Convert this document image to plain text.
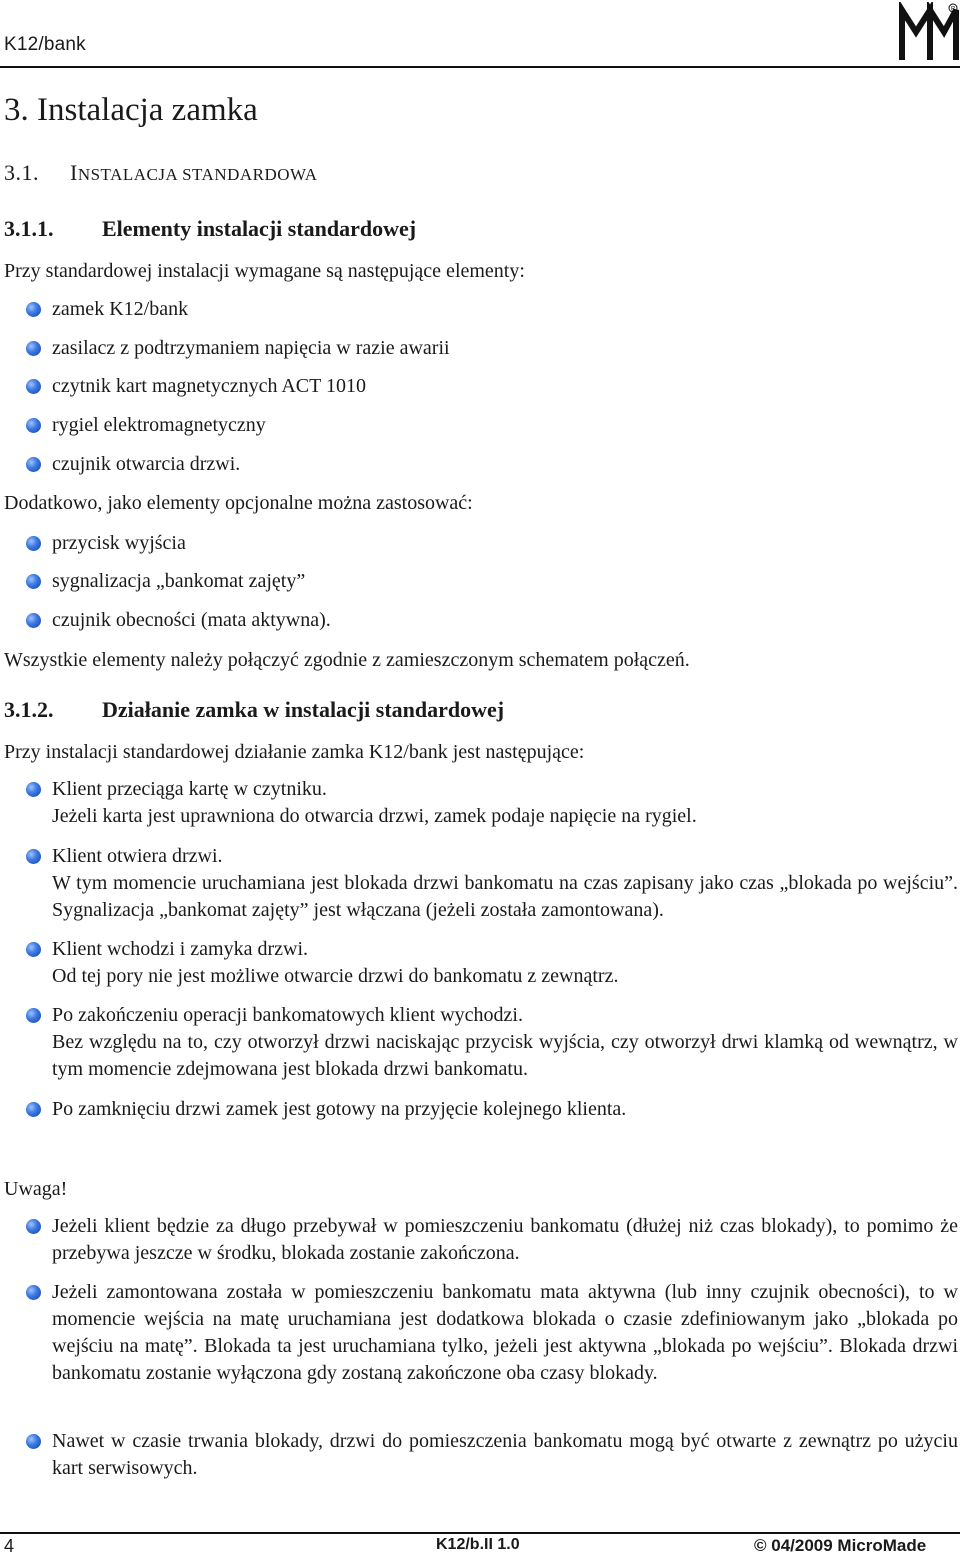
K12/bank
R
3. Instalacja zamka
3.1. INSTALACJA STANDARDOWA
3.1.1. Elementy instalacji standardowej

Przy standardowej instalacji wymagane są następujące elementy:

zamek K12/bank
zasilacz z podtrzymaniem napięcia w razie awarii
czytnik kart magnetycznych ACT 1010
rygiel elektromagnetyczny
czujnik otwarcia drzwi.

Dodatkowo, jako elementy opcjonalne można zastosować:

przycisk wyjścia
sygnalizacja „bankomat zajęty”
czujnik obecności (mata aktywna).

Wszystkie elementy należy połączyć zgodnie z zamieszczonym schematem połączeń.

3.1.2. Działanie zamka w instalacji standardowej

Przy instalacji standardowej działanie zamka K12/bank jest następujące:

Klient przeciąga kartę w czytniku.
Jeżeli karta jest uprawniona do otwarcia drzwi, zamek podaje napięcie na rygiel.
Klient otwiera drzwi.
W tym momencie uruchamiana jest blokada drzwi bankomatu na czas zapisany jako czas „blokada po wejściu”. Sygnalizacja „bankomat zajęty” jest włączana (jeżeli została zamontowana).
Klient wchodzi i zamyka drzwi.
Od tej pory nie jest możliwe otwarcie drzwi do bankomatu z zewnątrz.
Po zakończeniu operacji bankomatowych klient wychodzi.
Bez względu na to, czy otworzył drzwi naciskając przycisk wyjścia, czy otworzył drwi klamką od wewnątrz, w tym momencie zdejmowana jest blokada drzwi bankomatu.
Po zamknięciu drzwi zamek jest gotowy na przyjęcie kolejnego klienta.

Uwaga!

Jeżeli klient będzie za długo przebywał w pomieszczeniu bankomatu (dłużej niż czas blokady), to pomimo że przebywa jeszcze w środku, blokada zostanie zakończona.
Jeżeli zamontowana została w pomieszczeniu bankomatu mata aktywna (lub inny czujnik obecności), to w momencie wejścia na matę uruchamiana jest dodatkowa blokada o czasie zdefiniowanym jako „blokada po wejściu na matę”. Blokada ta jest uruchamiana tylko, jeżeli jest aktywna „blokada po wejściu”. Blokada drzwi bankomatu zostanie wyłączona gdy zostaną zakończone oba czasy blokady.
Nawet w czasie trwania blokady, drzwi do pomieszczenia bankomatu mogą być otwarte z zewnątrz po użyciu kart serwisowych.
4	K12/b.II 1.0	© 04/2009 MicroMade
